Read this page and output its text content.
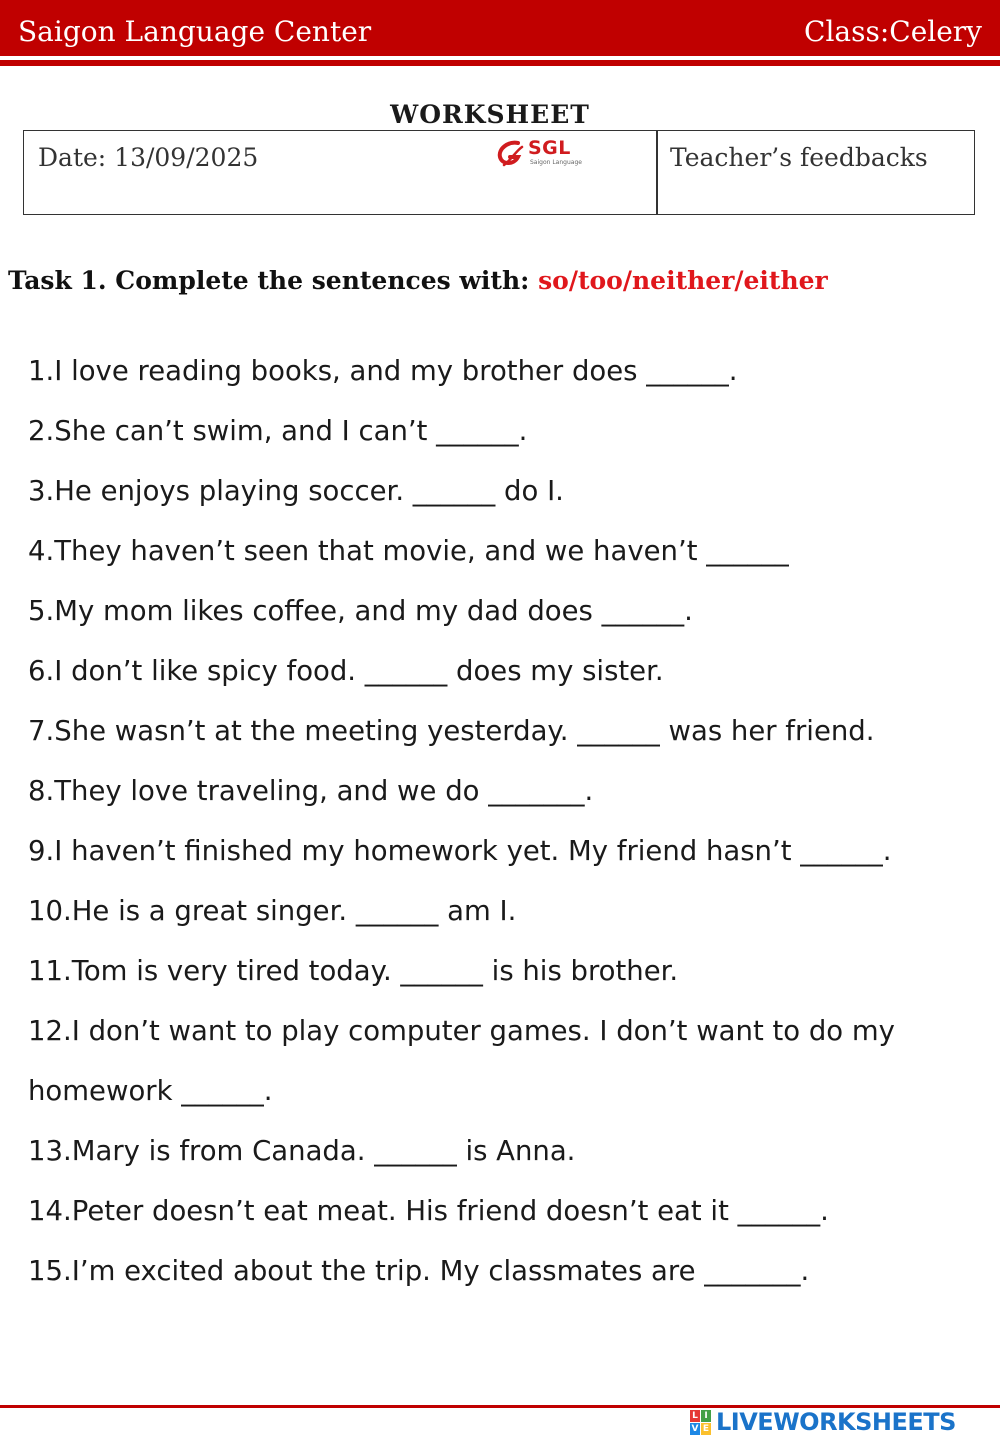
Saigon Language Center	Class:Celery
WORKSHEET
Date: 13/09/2025	SGL
Saigon Language	Teacher’s feedbacks
Task 1. Complete the sentences with: so/too/neither/either

1.I love reading books, and my brother does ______.

2.She can’t swim, and I can’t ______.

3.He enjoys playing soccer. ______ do I.

4.They haven’t seen that movie, and we haven’t ______

5.My mom likes coffee, and my dad does ______.

6.I don’t like spicy food. ______ does my sister.

7.She wasn’t at the meeting yesterday. ______ was her friend.

8.They love traveling, and we do _______.

9.I haven’t finished my homework yet. My friend hasn’t ______.

10.He is a great singer. ______ am I.

11.Tom is very tired today. ______ is his brother.

12.I don’t want to play computer games. I don’t want to do my homework ______.

13.Mary is from Canada. ______ is Anna.

14.Peter doesn’t eat meat. His friend doesn’t eat it ______.

15.I’m excited about the trip. My classmates are _______.

L I
V E LIVEWORKSHEETS
